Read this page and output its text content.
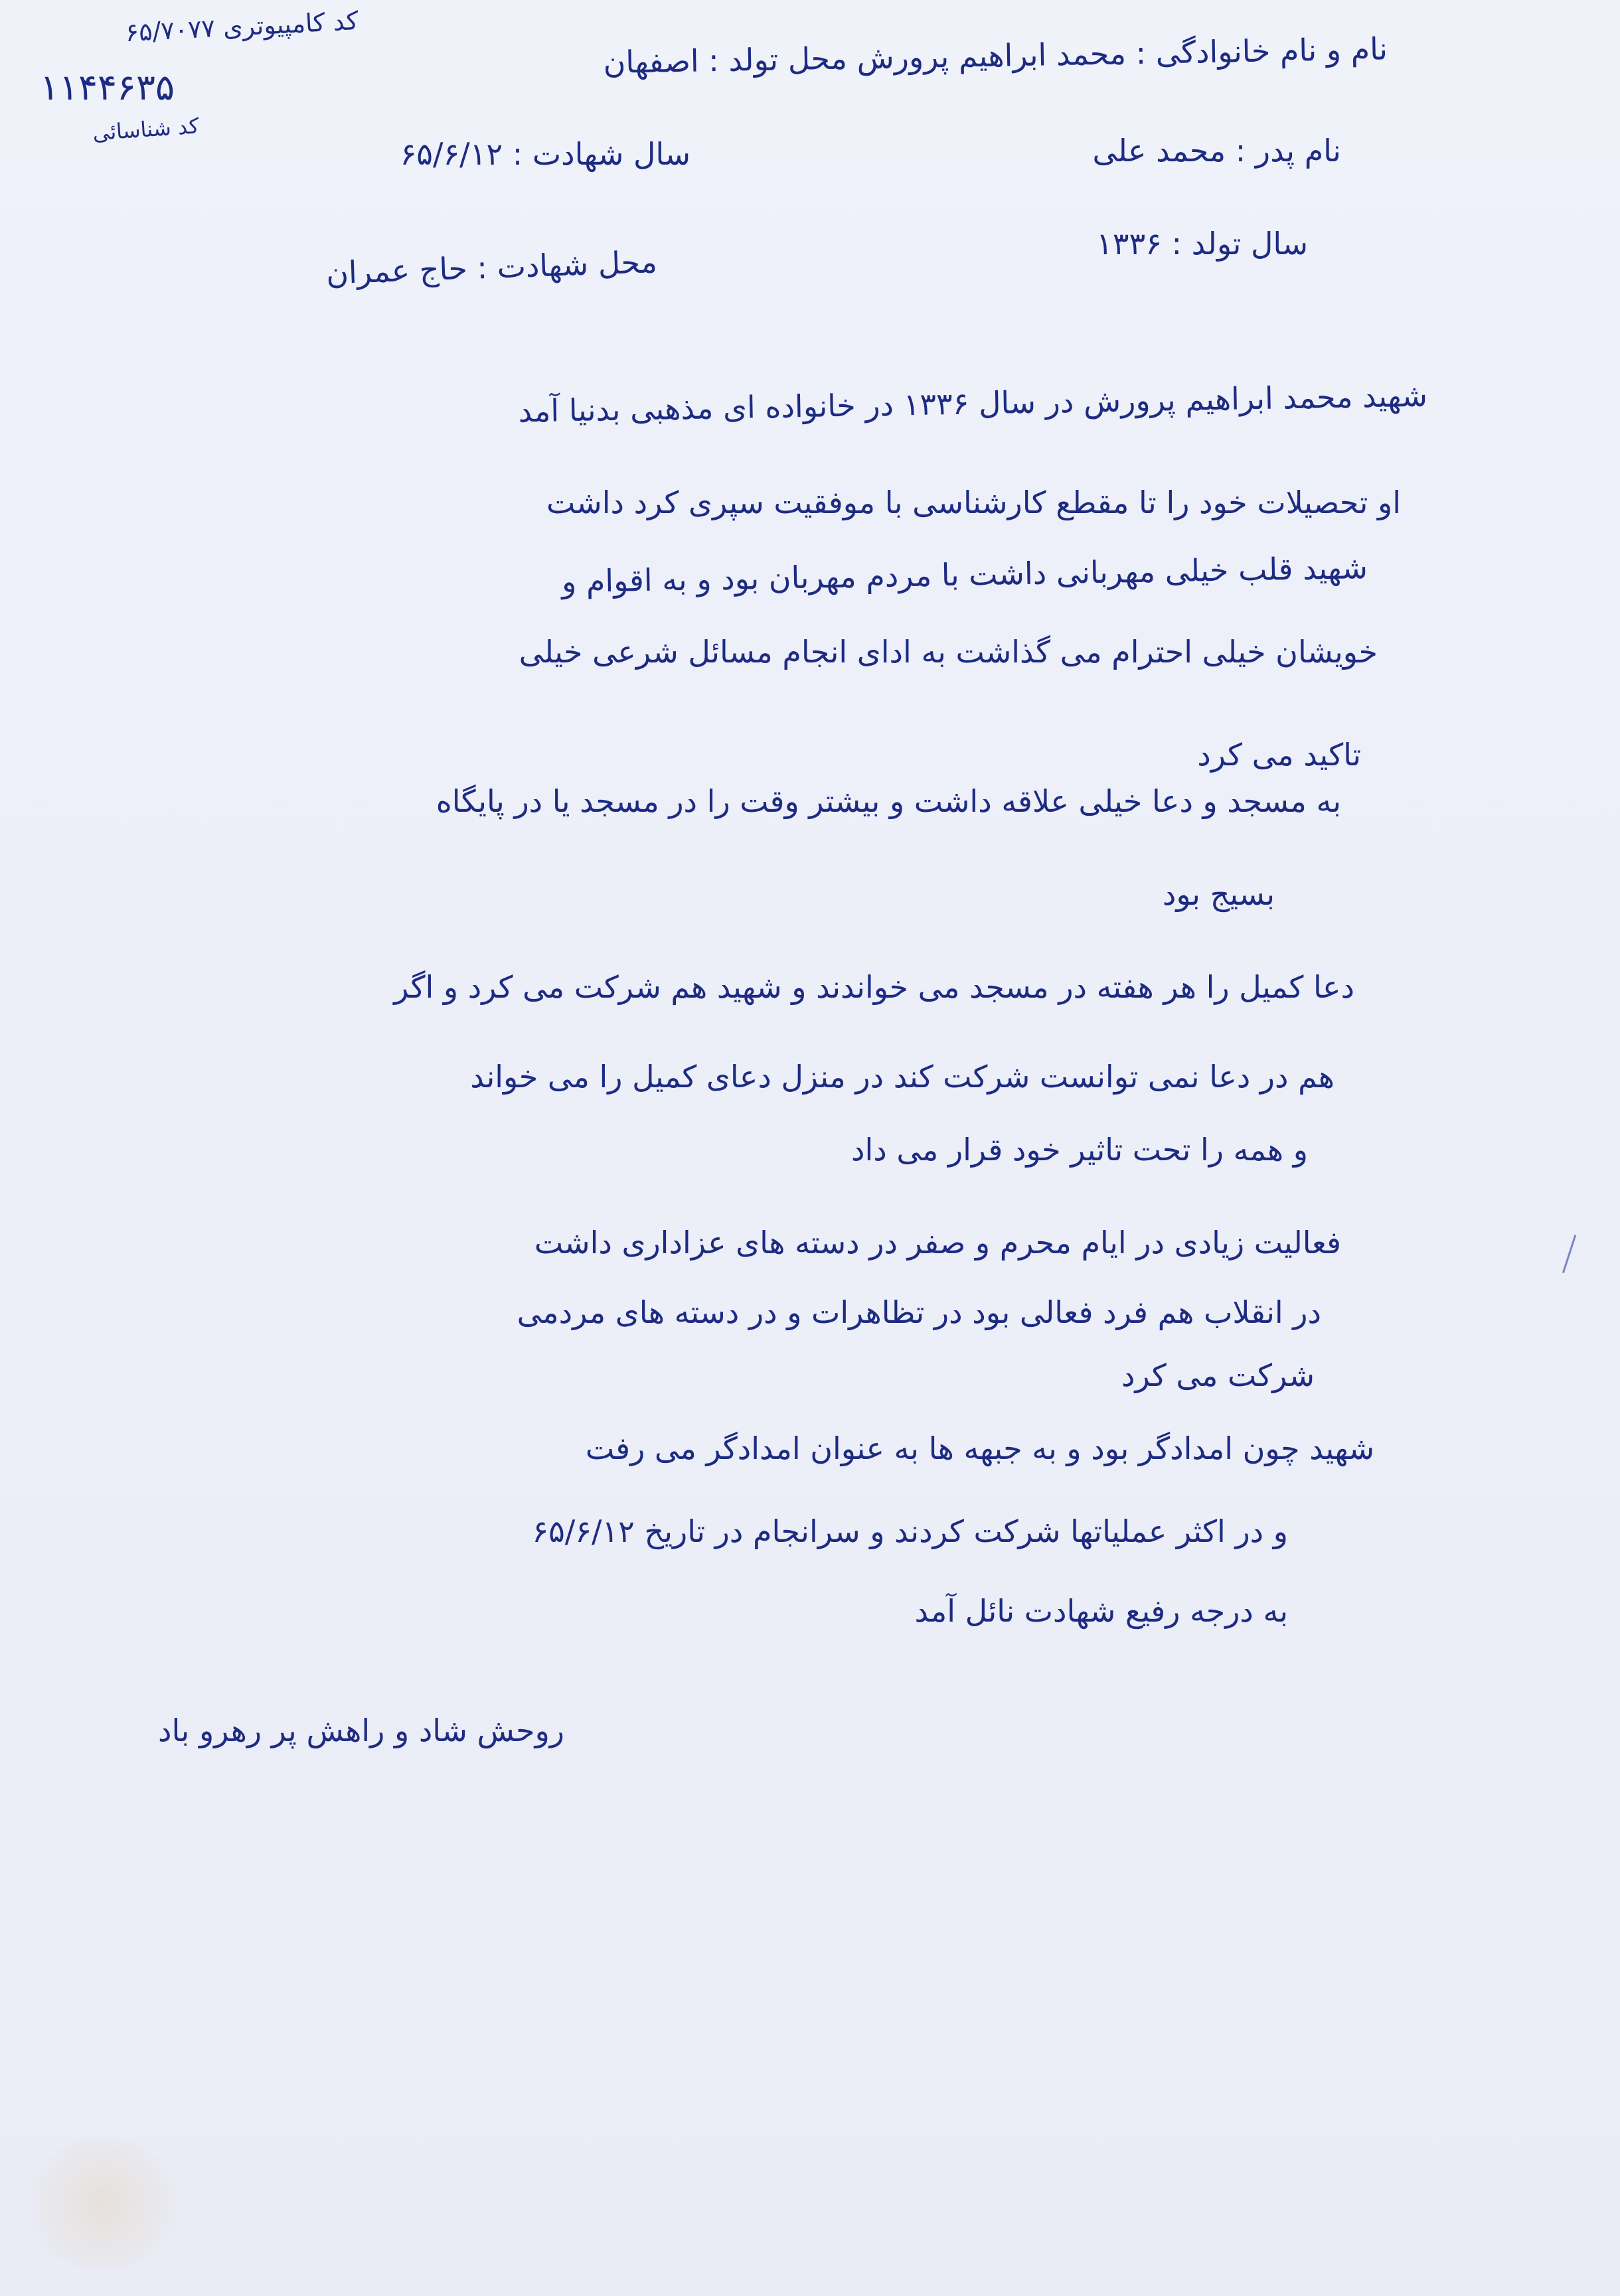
کد کامپیوتری ۶۵/۷۰۷۷
۱۱۴۴۶۳۵
کد شناسائی
نام و نام خانوادگی : محمد ابراهیم پرورش محل تولد : اصفهان
نام پدر : محمد علی
سال شهادت : ۶۵/۶/۱۲
سال تولد : ۱۳۳۶
محل شهادت : حاج عمران
شهید محمد ابراهیم پرورش در سال ۱۳۳۶ در خانواده ای مذهبی بدنیا آمد
او تحصیلات خود را تا مقطع کارشناسی با موفقیت سپری کرد داشت
شهید قلب خیلی مهربانی داشت با مردم مهربان بود و به اقوام و
خویشان خیلی احترام می گذاشت به ادای انجام مسائل شرعی خیلی
تاکید می کرد
به مسجد و دعا خیلی علاقه داشت و بیشتر وقت را در مسجد یا در پایگاه
بسیج بود
دعا کمیل را هر هفته در مسجد می خواندند و شهید هم شرکت می کرد و اگر
هم در دعا نمی توانست شرکت کند در منزل دعای کمیل را می خواند
و همه را تحت تاثیر خود قرار می داد
فعالیت زیادی در ایام محرم و صفر در دسته های عزاداری داشت
در انقلاب هم فرد فعالی بود در تظاهرات و در دسته های مردمی
شرکت می کرد
شهید چون امدادگر بود و به جبهه ها به عنوان امدادگر می رفت
و در اکثر عملیاتها شرکت کردند و سرانجام در تاریخ ۶۵/۶/۱۲
به درجه رفیع شهادت نائل آمد
روحش شاد و راهش پر رهرو باد
